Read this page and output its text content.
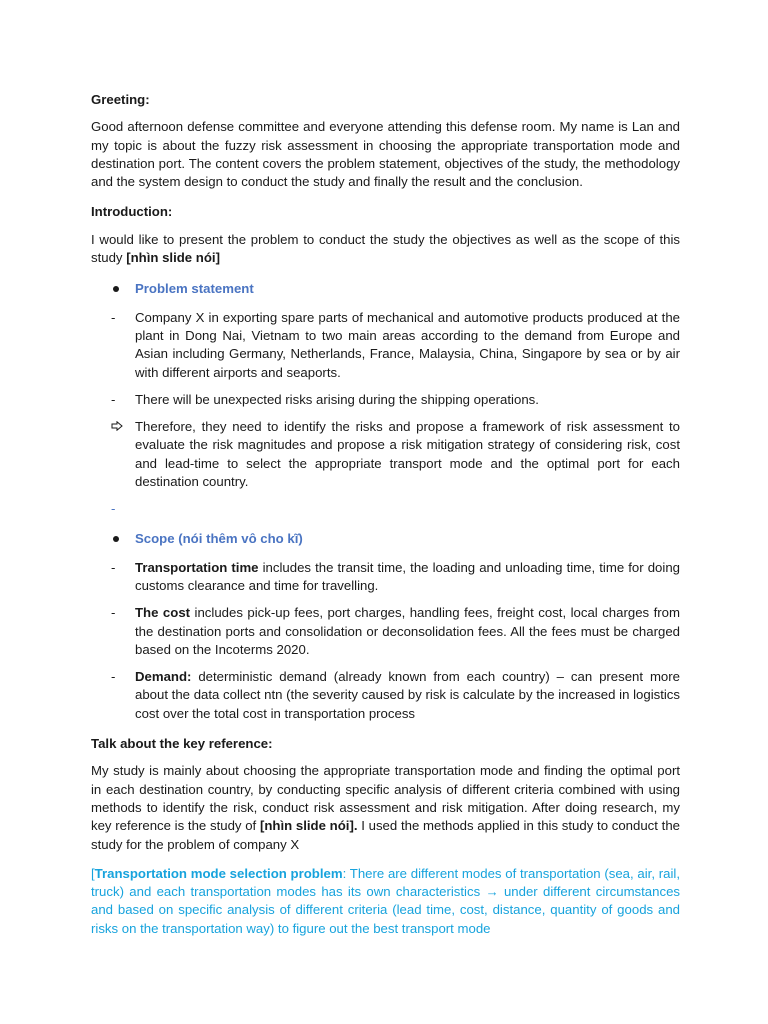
Greeting:

Good afternoon defense committee and everyone attending this defense room. My name is Lan and my topic is about the fuzzy risk assessment in choosing the appropriate transportation mode and destination port. The content covers the problem statement, objectives of the study, the methodology and the system design to conduct the study and finally the result and the conclusion.

Introduction:

I would like to present the problem to conduct the study the objectives as well as the scope of this study [nhìn slide nói]

Problem statement
-	Company X in exporting spare parts of mechanical and automotive products produced at the plant in Dong Nai, Vietnam to two main areas according to the demand from Europe and Asian including Germany, Netherlands, France, Malaysia, China, Singapore by sea or by air with different airports and seaports.
-	There will be unexpected risks arising during the shipping operations.
Therefore, they need to identify the risks and propose a framework of risk assessment to evaluate the risk magnitudes and propose a risk mitigation strategy of considering risk, cost and lead-time to select the appropriate transport mode and the optimal port for each destination country.
-
Scope (nói thêm vô cho kĩ)
-	Transportation time includes the transit time, the loading and unloading time, time for doing customs clearance and time for travelling.
-	The cost includes pick-up fees, port charges, handling fees, freight cost, local charges from the destination ports and consolidation or deconsolidation fees. All the fees must be charged based on the Incoterms 2020.
-	Demand: deterministic demand (already known from each country) – can present more about the data collect ntn (the severity caused by risk is calculate by the increased in logistics cost over the total cost in transportation process

Talk about the key reference:

My study is mainly about choosing the appropriate transportation mode and finding the optimal port in each destination country, by conducting specific analysis of different criteria combined with using methods to identify the risk, conduct risk assessment and risk mitigation. After doing research, my key reference is the study of [nhìn slide nói]. I used the methods applied in this study to conduct the study for the problem of company X

[Transportation mode selection problem: There are different modes of transportation (sea, air, rail, truck) and each transportation modes has its own characteristics → under different circumstances and based on specific analysis of different criteria (lead time, cost, distance, quantity of goods and risks on the transportation way) to figure out the best transport mode
